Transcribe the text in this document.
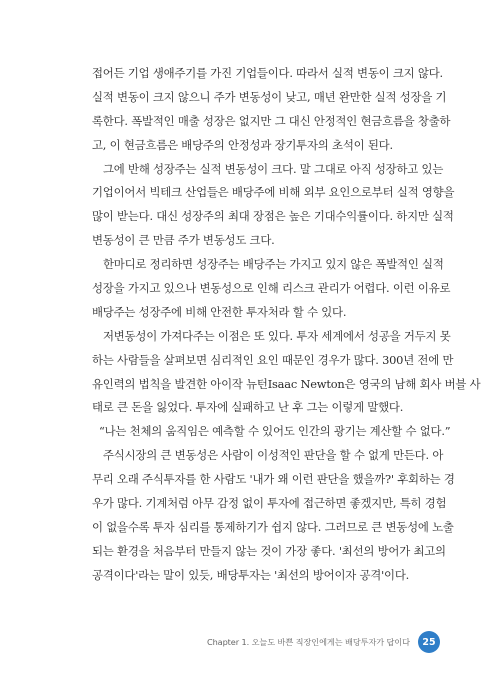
접어든 기업 생애주기를 가진 기업들이다. 따라서 실적 변동이 크지 않다.
실적 변동이 크지 않으니 주가 변동성이 낮고, 매년 완만한 실적 성장을 기
록한다. 폭발적인 매출 성장은 없지만 그 대신 안정적인 현금흐름을 창출하
고, 이 현금흐름은 배당주의 안정성과 장기투자의 초석이 된다.
그에 반해 성장주는 실적 변동성이 크다. 말 그대로 아직 성장하고 있는
기업이어서 빅테크 산업들은 배당주에 비해 외부 요인으로부터 실적 영향을
많이 받는다. 대신 성장주의 최대 장점은 높은 기대수익률이다. 하지만 실적
변동성이 큰 만큼 주가 변동성도 크다.
한마디로 정리하면 성장주는 배당주는 가지고 있지 않은 폭발적인 실적
성장을 가지고 있으나 변동성으로 인해 리스크 관리가 어렵다. 이런 이유로
배당주는 성장주에 비해 안전한 투자처라 할 수 있다.
저변동성이 가져다주는 이점은 또 있다. 투자 세계에서 성공을 거두지 못
하는 사람들을 살펴보면 심리적인 요인 때문인 경우가 많다. 300년 전에 만
유인력의 법칙을 발견한 아이작 뉴턴Isaac Newton은 영국의 남해 회사 버블 사
태로 큰 돈을 잃었다. 투자에 실패하고 난 후 그는 이렇게 말했다.
“나는 천체의 움직임은 예측할 수 있어도 인간의 광기는 계산할 수 없다.”
주식시장의 큰 변동성은 사람이 이성적인 판단을 할 수 없게 만든다. 아
무리 오래 주식투자를 한 사람도 '내가 왜 이런 판단을 했을까?' 후회하는 경
우가 많다. 기계처럼 아무 감정 없이 투자에 접근하면 좋겠지만, 특히 경험
이 없을수록 투자 심리를 통제하기가 쉽지 않다. 그러므로 큰 변동성에 노출
되는 환경을 처음부터 만들지 않는 것이 가장 좋다. '최선의 방어가 최고의
공격이다'라는 말이 있듯, 배당투자는 '최선의 방어이자 공격'이다.
Chapter 1. 오늘도 바쁜 직장인에게는 배당투자가 답이다	25
